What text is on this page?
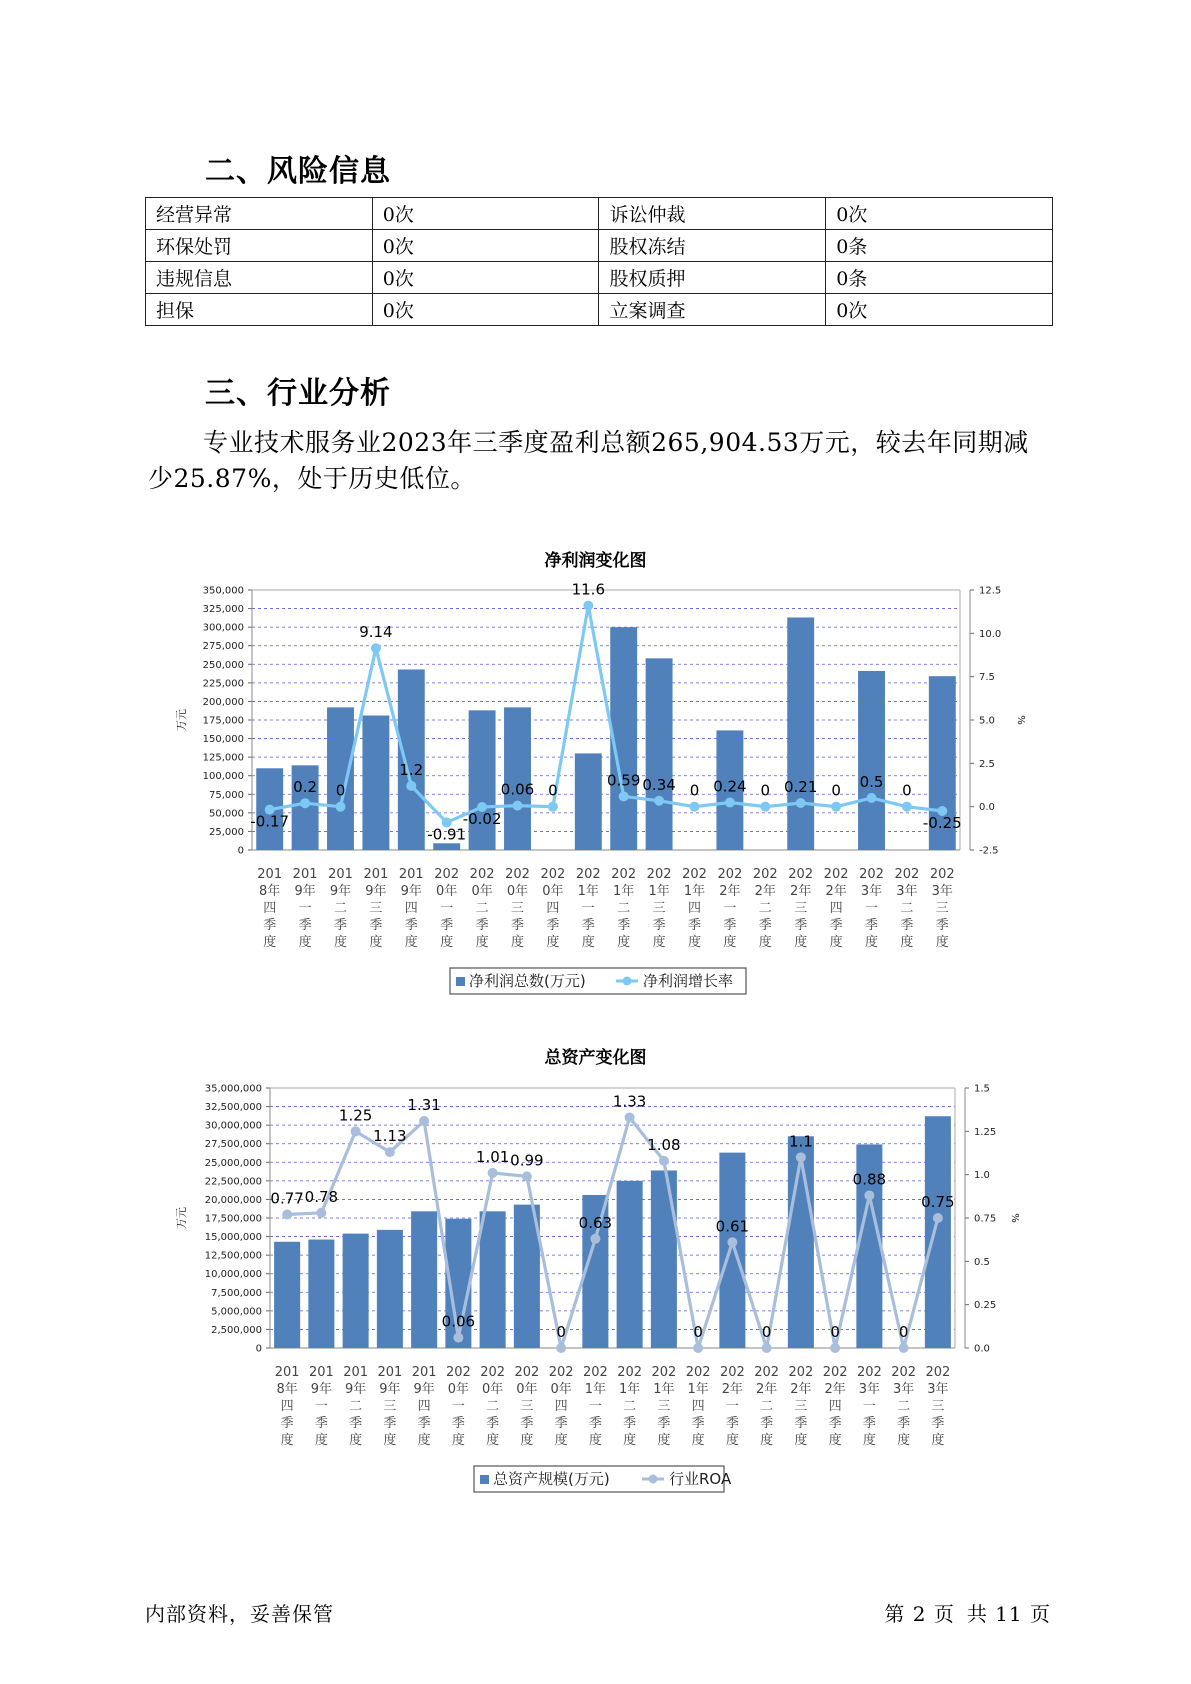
二、风险信息
经营异常	0次	诉讼仲裁	0次
环保处罚	0次	股权冻结	0条
违规信息	0次	股权质押	0条
担保	0次	立案调查	0次
三、行业分析

专业技术服务业2023年三季度盈利总额265,904.53万元，较去年同期减少25.87%，处于历史低位。

净利润变化图
0
25,000
50,000
75,000
100,000
125,000
150,000
175,000
200,000
225,000
250,000
275,000
300,000
325,000
350,000
-2.5
0.0
2.5
5.0
7.5
10.0
12.5
万元	%
-0.17
0.2 0
9.14
1.2
-0.91
-0.02
0.06 0
11.6
0.59 0.34 0 0.24 0 0.21 0 0.5 0
-0.25
201 8年四季度
201 9年一季度
201 9年二季度
201 9年三季度
201 9年四季度
202 0年一季度
202 0年二季度
202 0年三季度
202 0年四季度
202 1年一季度
202 1年二季度
202 1年三季度
202 1年四季度
202 2年一季度
202 2年二季度
202 2年三季度
202 2年四季度
202 3年一季度
202 3年二季度
202 3年三季度
净利润总数(万元)	净利润增长率
总资产变化图
0
2,500,000
5,000,000
7,500,000
10,000,000
12,500,000
15,000,000
17,500,000
20,000,000
22,500,000
25,000,000
27,500,000
30,000,000
32,500,000
35,000,000
0.0
0.25
0.5
0.75
1.0
1.25
1.5
万元	%
0.77 0.78
1.25
1.13
1.31
0.06
1.01 0.99
0
0.63
1.33
1.08
0
0.61
0
1.1
0
0.88
0
0.75
201 8年四季度
201 9年一季度
201 9年二季度
201 9年三季度
201 9年四季度
202 0年一季度
202 0年二季度
202 0年三季度
202 0年四季度
202 1年一季度
202 1年二季度
202 1年三季度
202 1年四季度
202 2年一季度
202 2年二季度
202 2年三季度
202 2年四季度
202 3年一季度
202 3年二季度
202 3年三季度
总资产规模(万元)	行业ROA
内部资料，妥善保管	第 2 页 共 11 页
